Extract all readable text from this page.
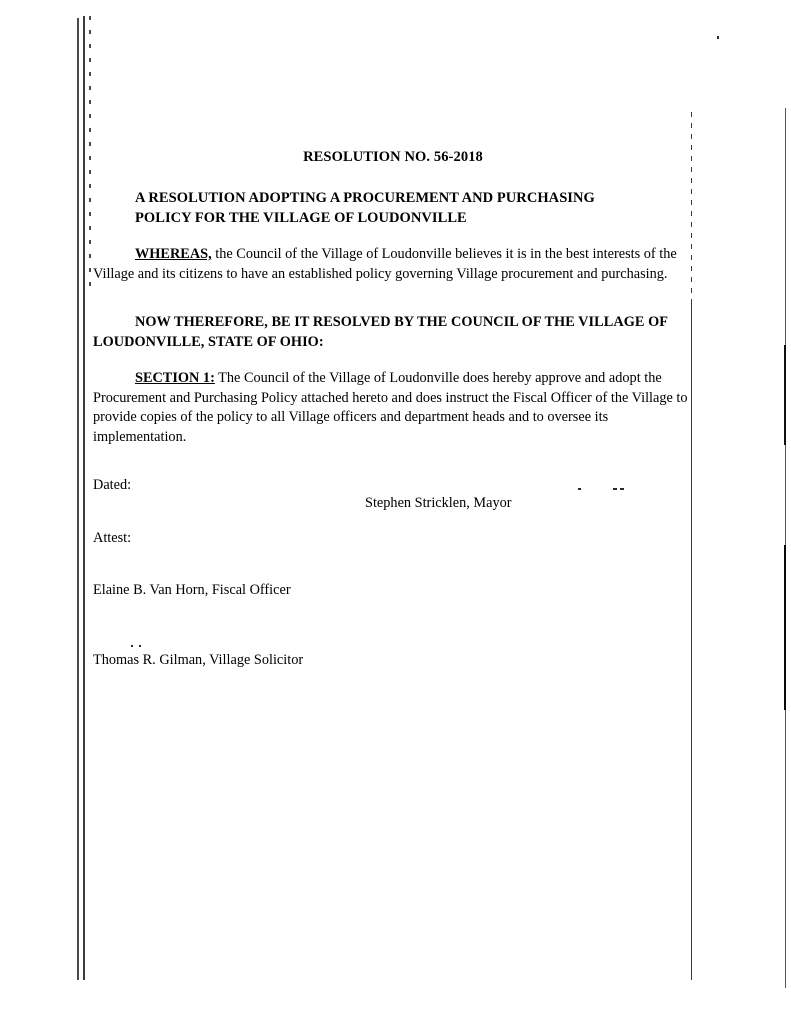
RESOLUTION NO. 56-2018
A RESOLUTION ADOPTING A PROCUREMENT AND PURCHASING
POLICY FOR THE VILLAGE OF LOUDONVILLE
WHEREAS, the Council of the Village of Loudonville believes it is in the best interests of the Village and its citizens to have an established policy governing Village procurement and purchasing.
NOW THEREFORE, BE IT RESOLVED BY THE COUNCIL OF THE VILLAGE OF LOUDONVILLE, STATE OF OHIO:
SECTION 1: The Council of the Village of Loudonville does hereby approve and adopt the Procurement and Purchasing Policy attached hereto and does instruct the Fiscal Officer of the Village to provide copies of the policy to all Village officers and department heads and to oversee its implementation.
Dated:
Stephen Stricklen, Mayor
Attest:
Elaine B. Van Horn, Fiscal Officer
Thomas R. Gilman, Village Solicitor
